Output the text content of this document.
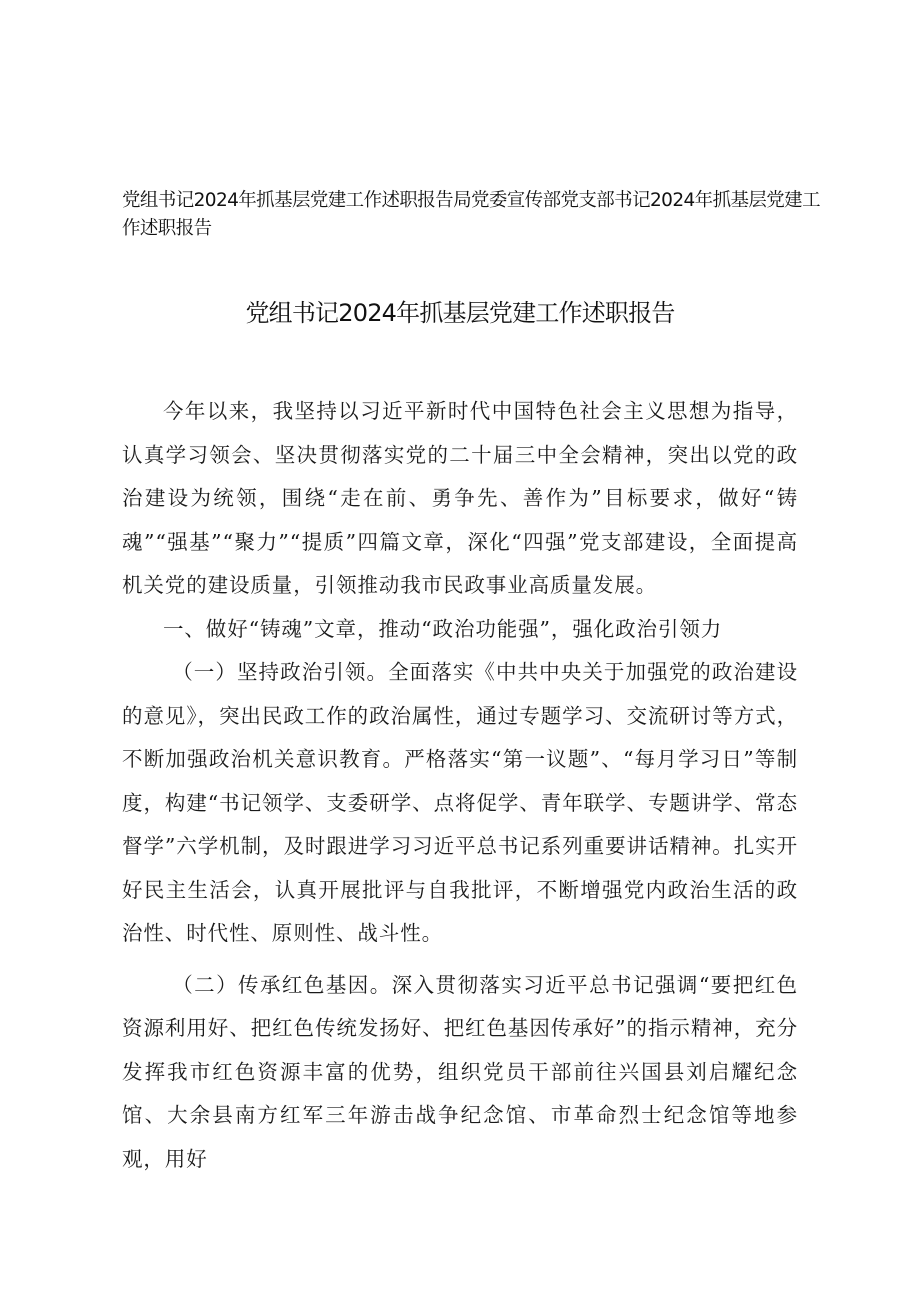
党组书记2024年抓基层党建工作述职报告局党委宣传部党支部书记2024年抓基层党建工作述职报告
党组书记2024年抓基层党建工作述职报告

今年以来，我坚持以习近平新时代中国特色社会主义思想为指导，认真学习领会、坚决贯彻落实党的二十届三中全会精神，突出以党的政治建设为统领，围绕“走在前、勇争先、善作为”目标要求，做好“铸魂”“强基”“聚力”“提质”四篇文章，深化“四强”党支部建设，全面提高机关党的建设质量，引领推动我市民政事业高质量发展。

一、做好“铸魂”文章，推动“政治功能强”，强化政治引领力

（一）坚持政治引领。全面落实《中共中央关于加强党的政治建设的意见》，突出民政工作的政治属性，通过专题学习、交流研讨等方式，不断加强政治机关意识教育。严格落实“第一议题”、“每月学习日”等制度，构建“书记领学、支委研学、点将促学、青年联学、专题讲学、常态督学”六学机制，及时跟进学习习近平总书记系列重要讲话精神。扎实开好民主生活会，认真开展批评与自我批评，不断增强党内政治生活的政治性、时代性、原则性、战斗性。

（二）传承红色基因。深入贯彻落实习近平总书记强调“要把红色资源利用好、把红色传统发扬好、把红色基因传承好”的指示精神，充分发挥我市红色资源丰富的优势，组织党员干部前往兴国县刘启耀纪念馆、大余县南方红军三年游击战争纪念馆、市革命烈士纪念馆等地参观，用好
